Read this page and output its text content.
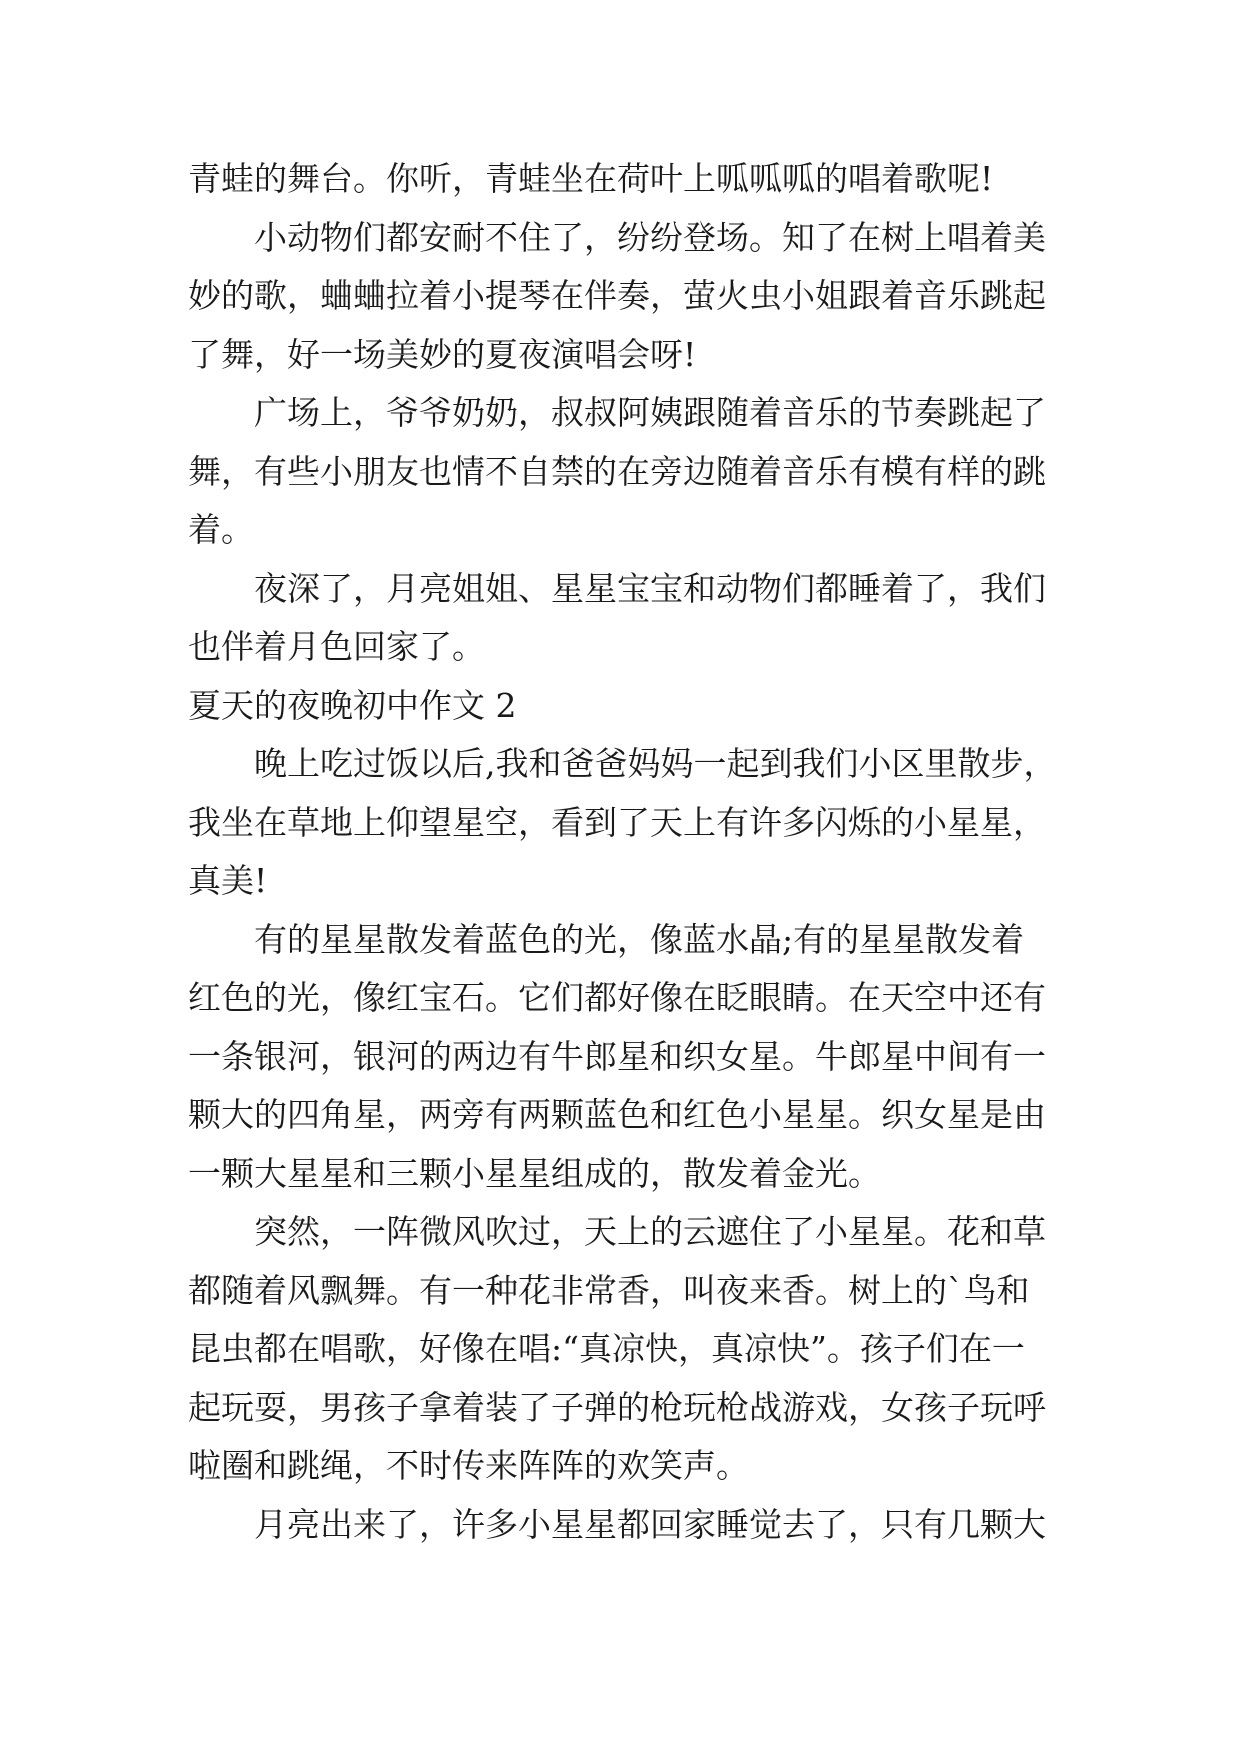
青蛙的舞台。你听，青蛙坐在荷叶上呱呱呱的唱着歌呢!
小动物们都安耐不住了，纷纷登场。知了在树上唱着美
妙的歌，蛐蛐拉着小提琴在伴奏，萤火虫小姐跟着音乐跳起
了舞，好一场美妙的夏夜演唱会呀!
广场上，爷爷奶奶，叔叔阿姨跟随着音乐的节奏跳起了
舞，有些小朋友也情不自禁的在旁边随着音乐有模有样的跳
着。
夜深了，月亮姐姐、星星宝宝和动物们都睡着了，我们
也伴着月色回家了。
夏天的夜晚初中作文 2
晚上吃过饭以后,我和爸爸妈妈一起到我们小区里散步，
我坐在草地上仰望星空，看到了天上有许多闪烁的小星星，
真美!
有的星星散发着蓝色的光，像蓝水晶;有的星星散发着
红色的光，像红宝石。它们都好像在眨眼睛。在天空中还有
一条银河，银河的两边有牛郎星和织女星。牛郎星中间有一
颗大的四角星，两旁有两颗蓝色和红色小星星。织女星是由
一颗大星星和三颗小星星组成的，散发着金光。
突然，一阵微风吹过，天上的云遮住了小星星。花和草
都随着风飘舞。有一种花非常香，叫夜来香。树上的`鸟和
昆虫都在唱歌，好像在唱:“真凉快，真凉快”。孩子们在一
起玩耍，男孩子拿着装了子弹的枪玩枪战游戏，女孩子玩呼
啦圈和跳绳，不时传来阵阵的欢笑声。
月亮出来了，许多小星星都回家睡觉去了，只有几颗大
